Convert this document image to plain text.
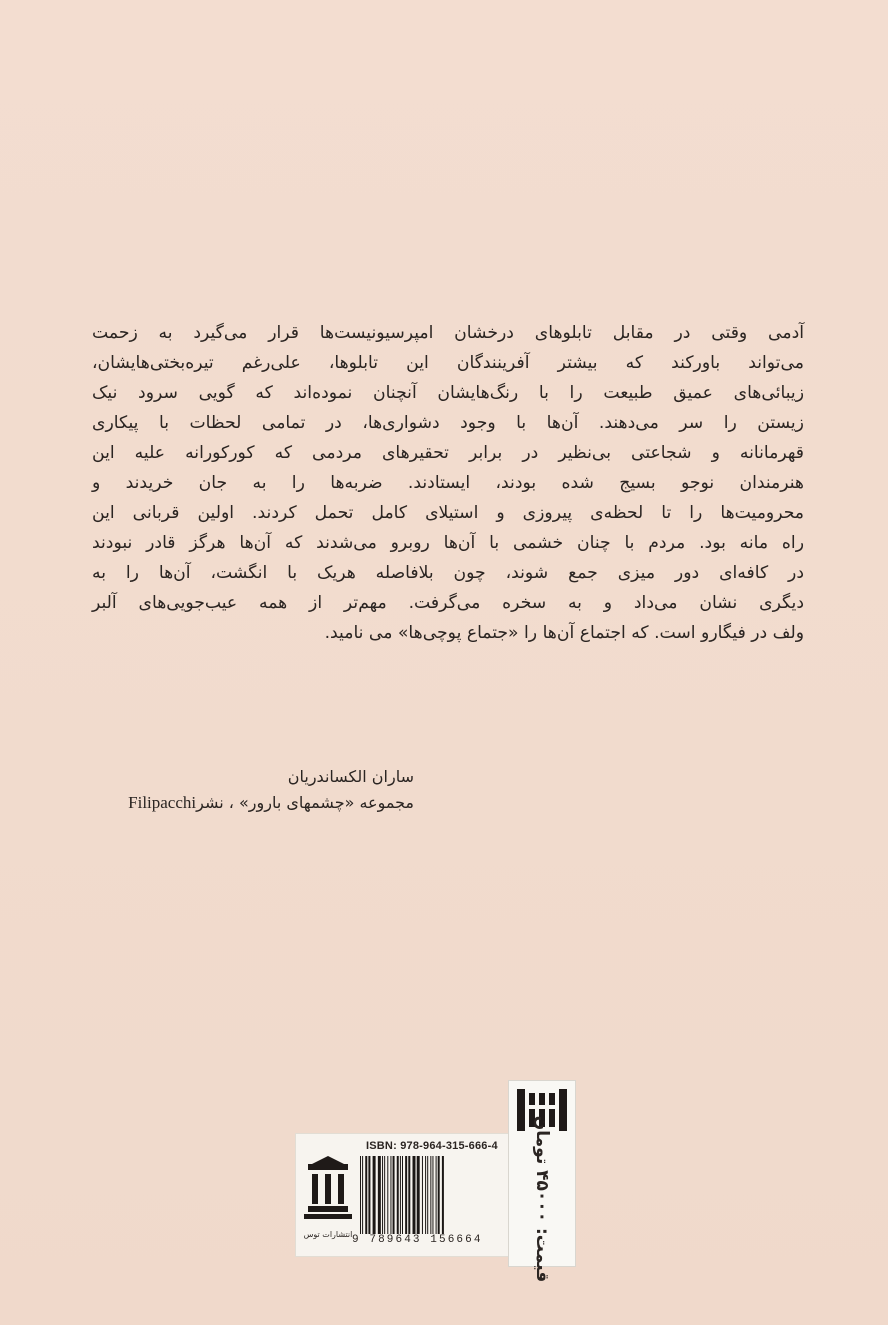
آدمی وقتی در مقابل تابلوهای درخشان امپرسیونیست‌ها قرار می‌گیرد به زحمت
می‌تواند باورکند که بیشتر آفرینندگان این تابلوها، علی‌رغم تیره‌بختی‌هایشان،
زیبائی‌های عمیق طبیعت را با رنگ‌هایشان آنچنان نموده‌اند که گویی سرود نیک
زیستن را سر می‌دهند. آن‌ها با وجود دشواری‌ها، در تمامی لحظات با پیکاری
قهرمانانه و شجاعتی بی‌نظیر در برابر تحقیرهای مردمی که کورکورانه علیه این
هنرمندان نوجو بسیج شده بودند، ایستادند. ضربه‌ها را به جان خریدند و
محرومیت‌ها را تا لحظه‌ی پیروزی و استیلای کامل تحمل کردند. اولین قربانی این
راه مانه بود. مردم با چنان خشمی با آن‌ها روبرو می‌شدند که آن‌ها هرگز قادر نبودند
در کافه‌ای دور میزی جمع شوند، چون بلافاصله هریک با انگشت، آن‌ها را به
دیگری نشان می‌داد و به سخره می‌گرفت. مهم‌تر از همه عیب‌جویی‌های آلبر
ولف در فیگارو است. که اجتماع آن‌ها را «جتماع پوچی‌ها» می نامید.
ساران الکساندریان
مجموعه «چشمهای بارور» ، نشرFilipacchi
ISBN: 978-964-315-666-4
9 789643 156664
انتشارات توس	قیمت: ۴۵۰۰۰ تومان
